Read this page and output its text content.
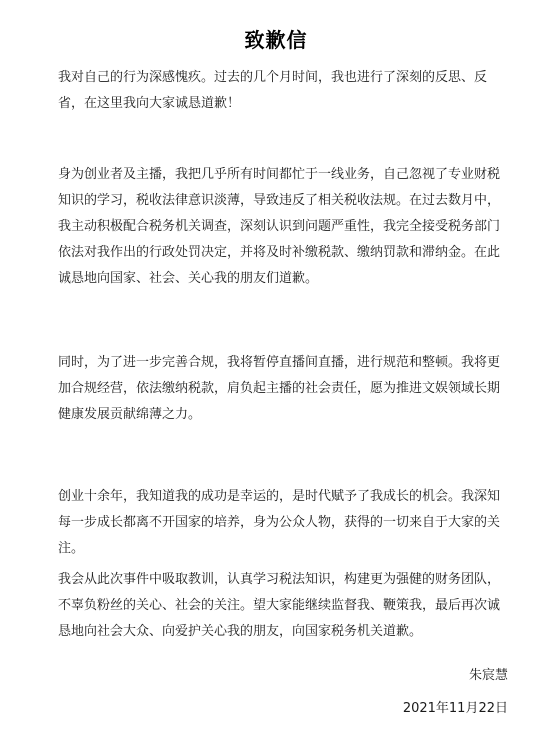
致歉信
我对自己的行为深感愧疚。过去的几个月时间，我也进行了深刻的反思、反
省，在这里我向大家诚恳道歉！
身为创业者及主播，我把几乎所有时间都忙于一线业务，自己忽视了专业财税
知识的学习，税收法律意识淡薄，导致违反了相关税收法规。在过去数月中，
我主动积极配合税务机关调查，深刻认识到问题严重性，我完全接受税务部门
依法对我作出的行政处罚决定，并将及时补缴税款、缴纳罚款和滞纳金。在此
诚恳地向国家、社会、关心我的朋友们道歉。
同时，为了进一步完善合规，我将暂停直播间直播，进行规范和整顿。我将更
加合规经营，依法缴纳税款，肩负起主播的社会责任，愿为推进文娱领域长期
健康发展贡献绵薄之力。
创业十余年，我知道我的成功是幸运的，是时代赋予了我成长的机会。我深知
每一步成长都离不开国家的培养，身为公众人物，获得的一切来自于大家的关
注。
我会从此次事件中吸取教训，认真学习税法知识，构建更为强健的财务团队，
不辜负粉丝的关心、社会的关注。望大家能继续监督我、鞭策我，最后再次诚
恳地向社会大众、向爱护关心我的朋友，向国家税务机关道歉。
朱宸慧
2021年11月22日
